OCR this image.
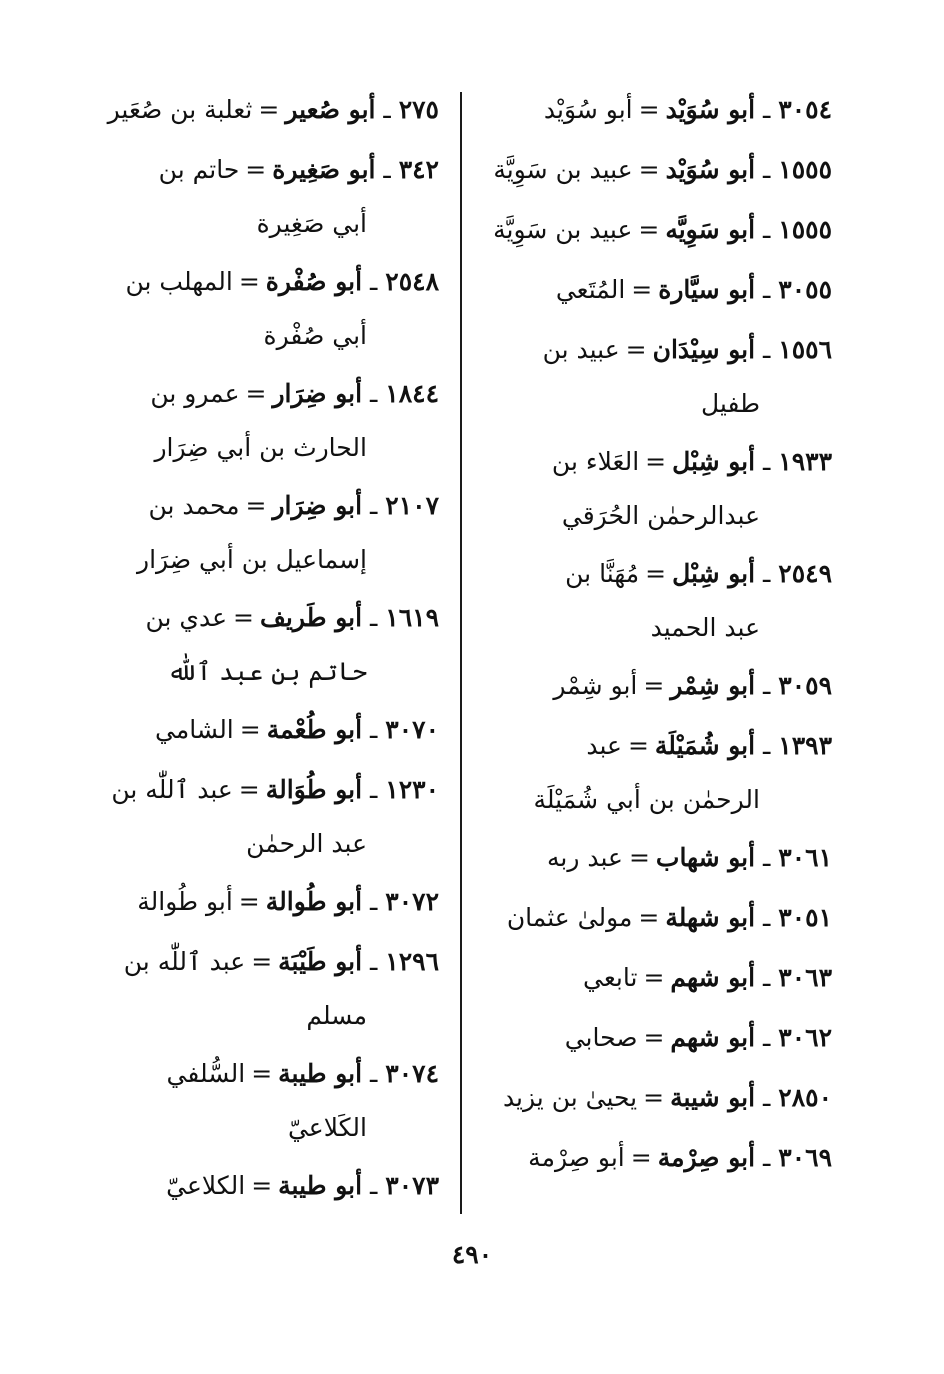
٣٠٥٤ ـ أبو سُوَيْد=أبو سُوَيْد
١٥٥٥ ـ أبو سُوَيْد=عبيد بن سَوِيَّة
١٥٥٥ ـ أبو سَوِيَّه=عبيد بن سَوِيَّة
٣٠٥٥ ـ أبو سيَّارة=المُتَعي
١٥٥٦ ـ أبو سِيْدَان=عبيد بن
طفيل
١٩٣٣ ـ أبو شِبْل=العَلاء بن
عبدالرحمٰن الحُرَقي
٢٥٤٩ ـ أبو شِبْل=مُهَنَّا بن
عبد الحميد
٣٠٥٩ ـ أبو شِمْر=أبو شِمْر
١٣٩٣ ـ أبو شُمَيْلَة=عبد
الرحمٰن بن أبي شُمَيْلَة
٣٠٦١ ـ أبو شهاب=عبد ربه
٣٠٥١ ـ أبو شهلة=مولىٰ عثمان
٣٠٦٣ ـ أبو شهم=تابعي
٣٠٦٢ ـ أبو شهم=صحابي
٢٨٥٠ ـ أبو شيبة=يحيىٰ بن يزيد
٣٠٦٩ ـ أبو صِرْمة=أبو صِرْمة
٢٧٥ ـ أبو صُعير=ثعلبة بن صُعَير
٣٤٢ ـ أبو صَغِيرة=حاتم بن
أبي صَغِيرة
٢٥٤٨ ـ أبو صُفْرة=المهلب بن
أبي صُفْرة
١٨٤٤ ـ أبو ضِرَار=عمرو بن
الحارث بن أبي ضِرَار
٢١٠٧ ـ أبو ضِرَار=محمد بن
إسماعيل بن أبي ضِرَار
١٦١٩ ـ أبو طَريف=عدي بن
حاتم بن عبد ٱللّٰه
٣٠٧٠ ـ أبو طُعْمة=الشامي
١٢٣٠ ـ أبو طُوَالة=عبد ٱللّٰه بن
عبد الرحمٰن
٣٠٧٢ ـ أبو طُوالة=أبو طُوالة
١٢٩٦ ـ أبو طَيْبَة=عبد ٱللّٰه بن
مسلم
٣٠٧٤ ـ أبو طيبة=السُّلفي
الكَلاعيّ
٣٠٧٣ ـ أبو طيبة=الكلاعيّ
٤٩٠
